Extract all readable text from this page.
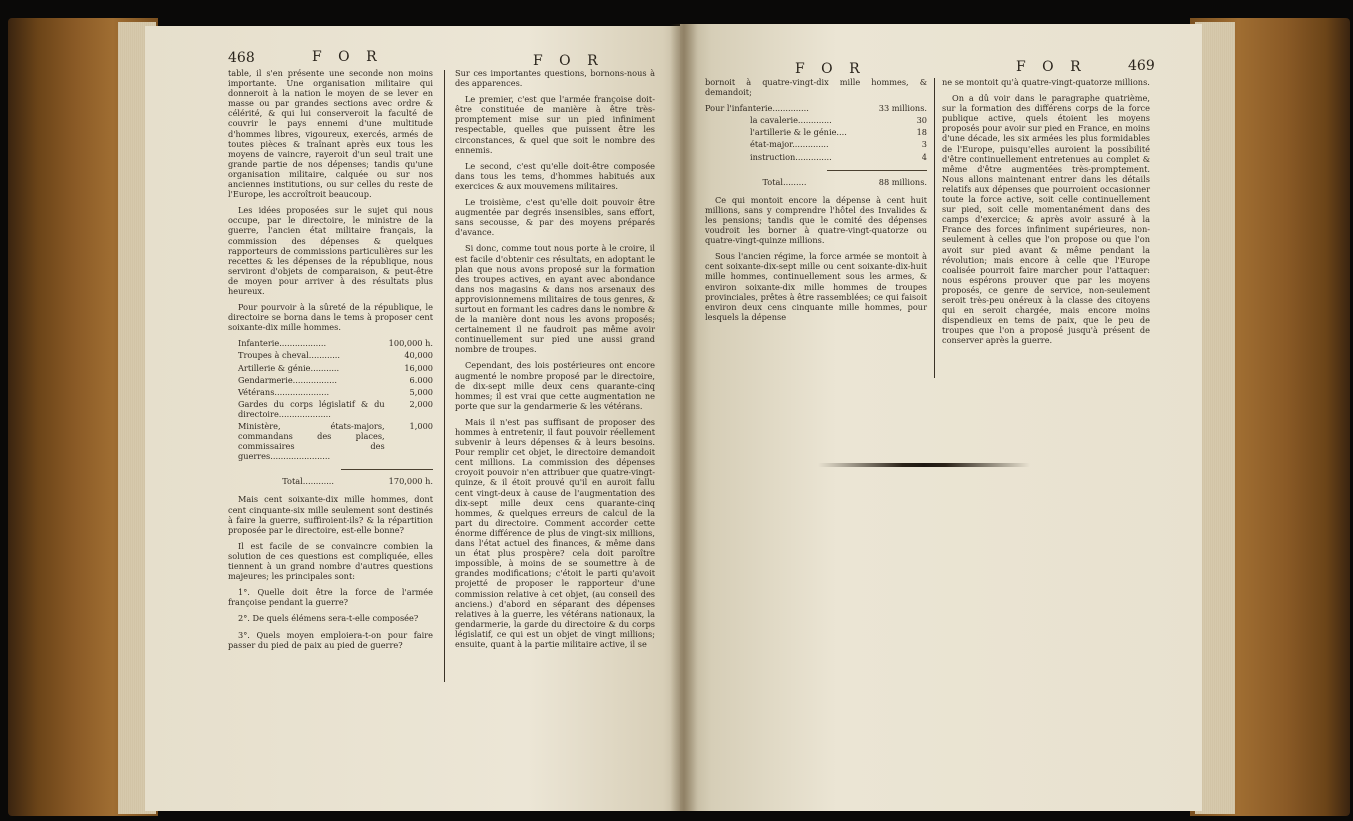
468	F O R	F O R

table, il s'en présente une seconde non moins importante. Une organisation militaire qui donneroit à la nation le moyen de se lever en masse ou par grandes sections avec ordre & célérité, & qui lui conserveroit la faculté de couvrir le pays ennemi d'une multitude d'hommes libres, vigoureux, exercés, armés de toutes pièces & traînant après eux tous les moyens de vaincre, rayeroit d'un seul trait une grande partie de nos dépenses; tandis qu'une organisation militaire, calquée ou sur nos anciennes institutions, ou sur celles du reste de l'Europe, les accroîtroit beaucoup.

Les idées proposées sur le sujet qui nous occupe, par le directoire, le ministre de la guerre, l'ancien état militaire français, la commission des dépenses & quelques rapporteurs de commissions particulières sur les recettes & les dépenses de la république, nous serviront d'objets de comparaison, & peut-être de moyen pour arriver à des résultats plus heureux.

Pour pourvoir à la sûreté de la république, le directoire se borna dans le tems à proposer cent soixante-dix mille hommes.

Infanterie..................	100,000 h.
Troupes à cheval............	40,000
Artillerie & génie...........	16,000
Gendarmerie.................	6.000
Vétérans.....................	5,000
Gardes du corps législatif & du directoire....................	2,000
Ministère, états-majors, commandans des places, commissaires des guerres.......................	1,000
Total............	170,000 h.

Mais cent soixante-dix mille hommes, dont cent cinquante-six mille seulement sont destinés à faire la guerre, suffiroient-ils? & la répartition proposée par le directoire, est-elle bonne?

Il est facile de se convaincre combien la solution de ces questions est compliquée, elles tiennent à un grand nombre d'autres questions majeures; les principales sont:

1°. Quelle doit être la force de l'armée françoise pendant la guerre?

2°. De quels élémens sera-t-elle composée?

3°. Quels moyen emploiera-t-on pour faire passer du pied de paix au pied de guerre?

Sur ces importantes questions, bornons-nous à des apparences.

Le premier, c'est que l'armée françoise doit-être constituée de manière à être très-promptement mise sur un pied infiniment respectable, quelles que puissent être les circonstances, & quel que soit le nombre des ennemis.

Le second, c'est qu'elle doit-être composée dans tous les tems, d'hommes habitués aux exercices & aux mouvemens militaires.

Le troisième, c'est qu'elle doit pouvoir être augmentée par degrés insensibles, sans effort, sans secousse, & par des moyens préparés d'avance.

Si donc, comme tout nous porte à le croire, il est facile d'obtenir ces résultats, en adoptant le plan que nous avons proposé sur la formation des troupes actives, en ayant avec abondance dans nos magasins & dans nos arsenaux des approvisionnemens militaires de tous genres, & surtout en formant les cadres dans le nombre & de la manière dont nous les avons proposés; certainement il ne faudroit pas même avoir continuellement sur pied une aussi grand nombre de troupes.

Cependant, des lois postérieures ont encore augmenté le nombre proposé par le directoire, de dix-sept mille deux cens quarante-cinq hommes; il est vrai que cette augmentation ne porte que sur la gendarmerie & les vétérans.

Mais il n'est pas suffisant de proposer des hommes à entretenir, il faut pouvoir réellement subvenir à leurs dépenses & à leurs besoins. Pour remplir cet objet, le directoire demandoit cent millions. La commission des dépenses croyoit pouvoir n'en attribuer que quatre-vingt-quinze, & il étoit prouvé qu'il en auroit fallu cent vingt-deux à cause de l'augmentation des dix-sept mille deux cens quarante-cinq hommes, & quelques erreurs de calcul de la part du directoire. Comment accorder cette énorme différence de plus de vingt-six millions, dans l'état actuel des finances, & même dans un état plus prospère? cela doit paroître impossible, à moins de se soumettre à de grandes modifications; c'étoit le parti qu'avoit projetté de proposer le rapporteur d'une commission relative à cet objet, (au conseil des anciens.) d'abord en séparant des dépenses relatives à la guerre, les vétérans nationaux, la gendarmerie, la garde du directoire & du corps législatif, ce qui est un objet de vingt millions; ensuite, quant à la partie militaire active, il se

F O R	F O R	469

bornoit à quatre-vingt-dix mille hommes, & demandoit;

Pour l'infanterie..............	33 millions.
la cavalerie.............	30
l'artillerie & le génie....	18
état-major..............	3
instruction..............	4
Total.........	88 millions.

Ce qui montoit encore la dépense à cent huit millions, sans y comprendre l'hôtel des Invalides & les pensions; tandis que le comité des dépenses voudroit les borner à quatre-vingt-quatorze ou quatre-vingt-quinze millions.

Sous l'ancien régime, la force armée se montoit à cent soixante-dix-sept mille ou cent soixante-dix-huit mille hommes, continuellement sous les armes, & environ soixante-dix mille hommes de troupes provinciales, prêtes à être rassemblées; ce qui faisoit environ deux cens cinquante mille hommes, pour lesquels la dépense

ne se montoit qu'à quatre-vingt-quatorze millions.

On a dû voir dans le paragraphe quatrième, sur la formation des différens corps de la force publique active, quels étoient les moyens proposés pour avoir sur pied en France, en moins d'une décade, les six armées les plus formidables de l'Europe, puisqu'elles auroient la possibilité d'être continuellement entretenues au complet & même d'être augmentées très-promptement. Nous allons maintenant entrer dans les détails relatifs aux dépenses que pourroient occasionner toute la force active, soit celle continuellement sur pied, soit celle momentanément dans des camps d'exercice; & après avoir assuré à la France des forces infiniment supérieures, non-seulement à celles que l'on propose ou que l'on avoit sur pied avant & même pendant la révolution; mais encore à celle que l'Europe coalisée pourroit faire marcher pour l'attaquer: nous espérons prouver que par les moyens proposés, ce genre de service, non-seulement seroit très-peu onéreux à la classe des citoyens qui en seroit chargée, mais encore moins dispendieux en tems de paix, que le peu de troupes que l'on a proposé jusqu'à présent de conserver après la guerre.
